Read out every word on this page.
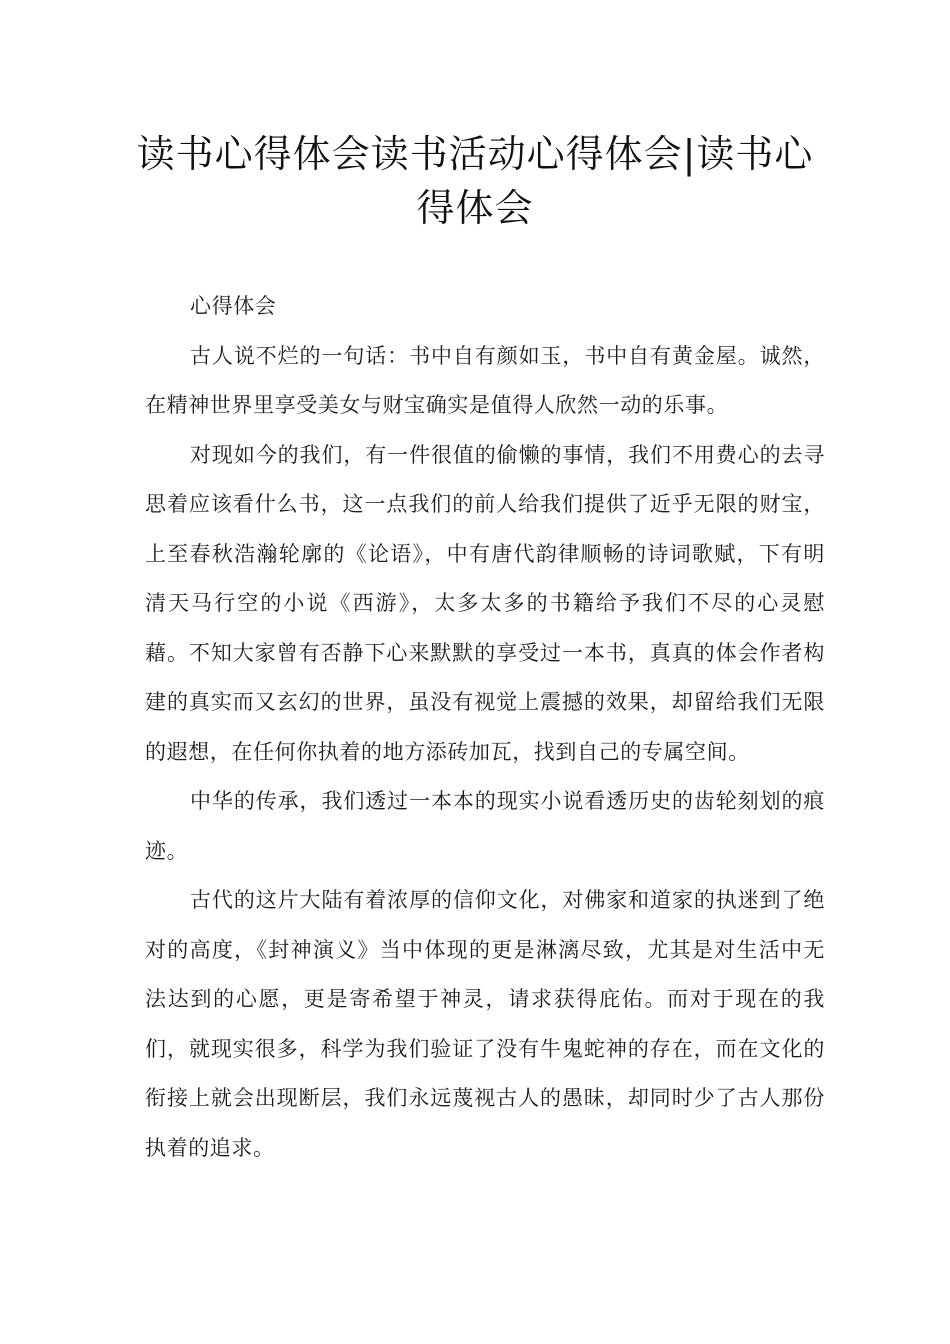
读书心得体会读书活动心得体会|读书心得体会

心得体会

古人说不烂的一句话：书中自有颜如玉，书中自有黄金屋。诚然，在精神世界里享受美女与财宝确实是值得人欣然一动的乐事。

对现如今的我们，有一件很值的偷懒的事情，我们不用费心的去寻思着应该看什么书，这一点我们的前人给我们提供了近乎无限的财宝，上至春秋浩瀚轮廓的《论语》，中有唐代韵律顺畅的诗词歌赋，下有明清天马行空的小说《西游》，太多太多的书籍给予我们不尽的心灵慰藉。不知大家曾有否静下心来默默的享受过一本书，真真的体会作者构建的真实而又玄幻的世界，虽没有视觉上震撼的效果，却留给我们无限的遐想，在任何你执着的地方添砖加瓦，找到自己的专属空间。

中华的传承，我们透过一本本的现实小说看透历史的齿轮刻划的痕迹。

古代的这片大陆有着浓厚的信仰文化，对佛家和道家的执迷到了绝对的高度，《封神演义》当中体现的更是淋漓尽致，尤其是对生活中无法达到的心愿，更是寄希望于神灵，请求获得庇佑。而对于现在的我们，就现实很多，科学为我们验证了没有牛鬼蛇神的存在，而在文化的衔接上就会出现断层，我们永远蔑视古人的愚昧，却同时少了古人那份执着的追求。
